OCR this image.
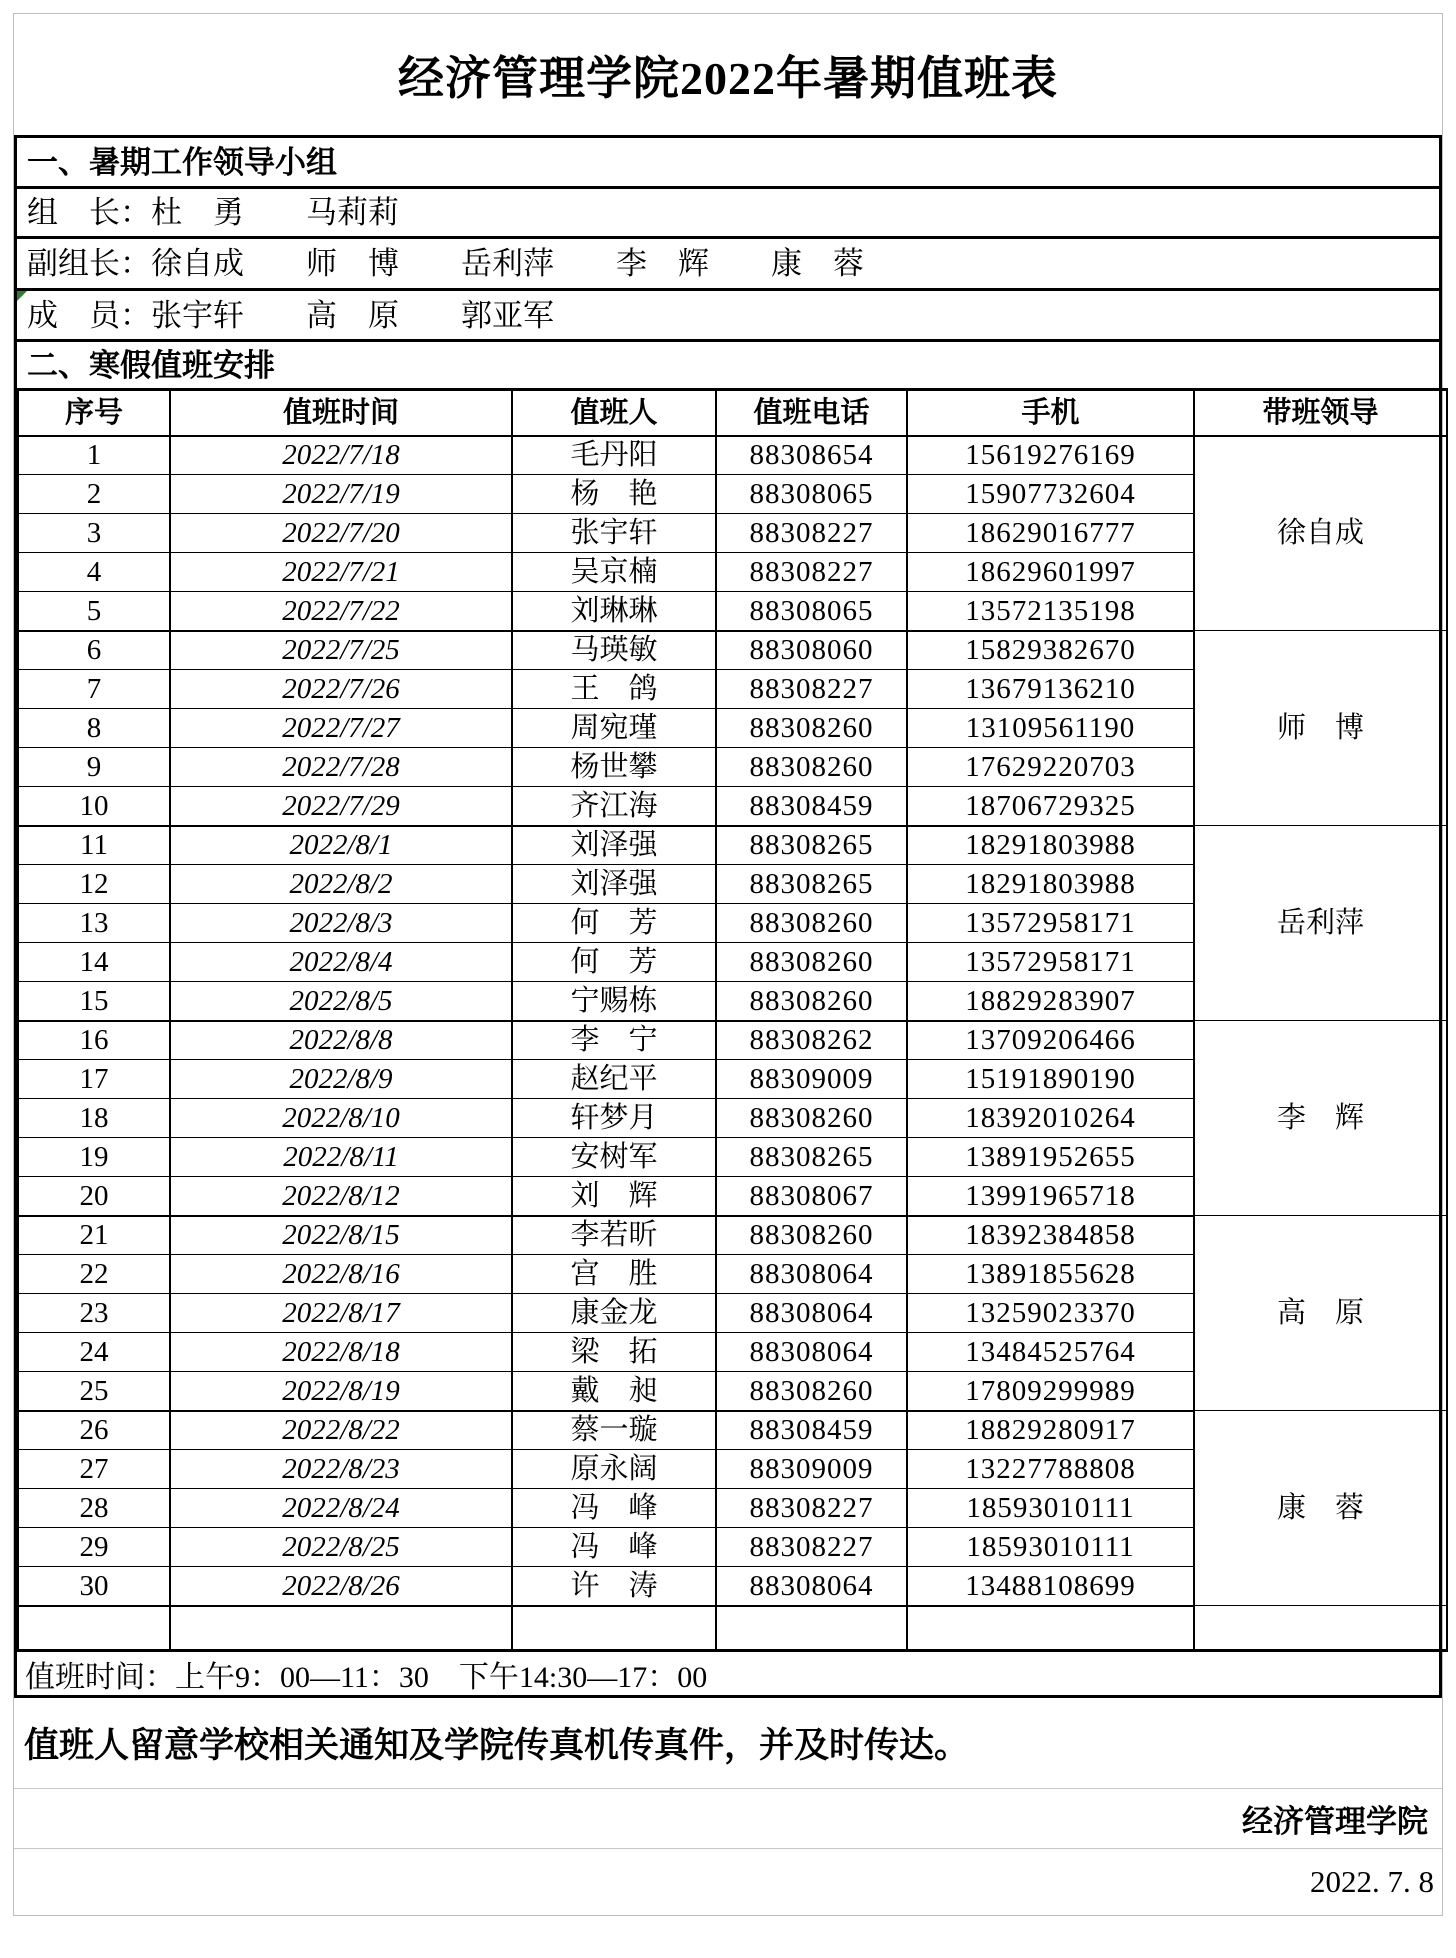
经济管理学院2022年暑期值班表
一、暑期工作领导小组
组　长：杜　勇　　马莉莉
副组长：徐自成　　师　博　　岳利萍　　李　辉　　康　蓉
成　员：张宇轩　　高　原　　郭亚军
二、寒假值班安排
序号	值班时间	值班人	值班电话	手机	带班领导
1	2022/7/18	毛丹阳	88308654	15619276169	徐自成
2	2022/7/19	杨　艳	88308065	15907732604	
3	2022/7/20	张宇轩	88308227	18629016777	
4	2022/7/21	吴京楠	88308227	18629601997	
5	2022/7/22	刘琳琳	88308065	13572135198	
6	2022/7/25	马瑛敏	88308060	15829382670	师　博
7	2022/7/26	王　鸽	88308227	13679136210	
8	2022/7/27	周宛瑾	88308260	13109561190	
9	2022/7/28	杨世攀	88308260	17629220703	
10	2022/7/29	齐江海	88308459	18706729325	
11	2022/8/1	刘泽强	88308265	18291803988	岳利萍
12	2022/8/2	刘泽强	88308265	18291803988	
13	2022/8/3	何　芳	88308260	13572958171	
14	2022/8/4	何　芳	88308260	13572958171	
15	2022/8/5	宁赐栋	88308260	18829283907	
16	2022/8/8	李　宁	88308262	13709206466	李　辉
17	2022/8/9	赵纪平	88309009	15191890190	
18	2022/8/10	轩梦月	88308260	18392010264	
19	2022/8/11	安树军	88308265	13891952655	
20	2022/8/12	刘　辉	88308067	13991965718	
21	2022/8/15	李若昕	88308260	18392384858	高　原
22	2022/8/16	宫　胜	88308064	13891855628	
23	2022/8/17	康金龙	88308064	13259023370	
24	2022/8/18	梁　拓	88308064	13484525764	
25	2022/8/19	戴　昶	88308260	17809299989	
26	2022/8/22	蔡一璇	88308459	18829280917	康　蓉
27	2022/8/23	原永阔	88309009	13227788808	
28	2022/8/24	冯　峰	88308227	18593010111	
29	2022/8/25	冯　峰	88308227	18593010111	
30	2022/8/26	许　涛	88308064	13488108699	

值班时间：上午9：00—11：30　下午14:30—17：00
值班人留意学校相关通知及学院传真机传真件，并及时传达。
经济管理学院
2022. 7. 8
